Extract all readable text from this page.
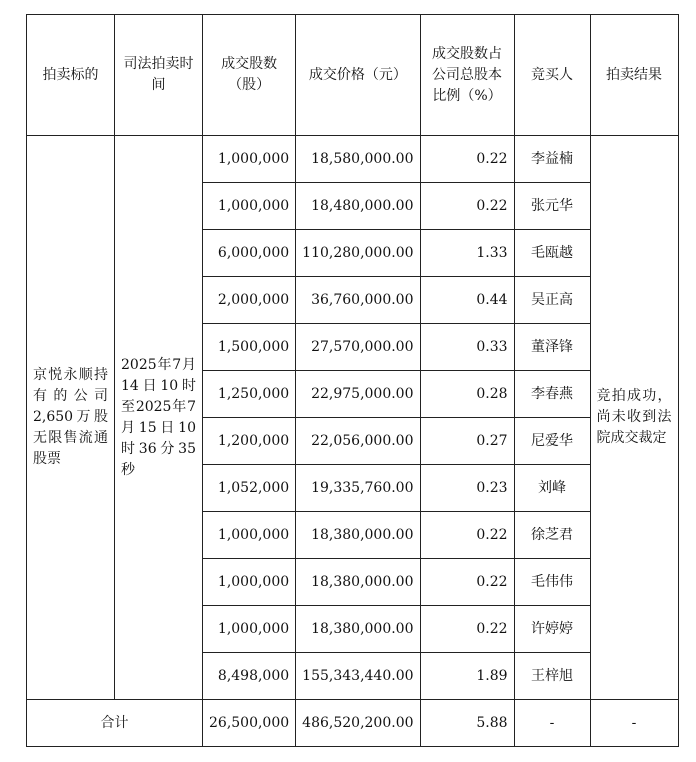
拍卖标的	司法拍卖时间	成交股数（股）	成交价格（元）	成交股数占公司总股本比例（%）	竞买人	拍卖结果
京悦永顺持有的公司2,650万股无限售流通股票	2025年7月14日10时至2025年7月15日10时36分35秒	1,000,000	18,580,000.00	0.22	李益楠	竞拍成功，尚未收到法院成交裁定
		1,000,000	18,480,000.00	0.22	张元华	
		6,000,000	110,280,000.00	1.33	毛瓯越	
		2,000,000	36,760,000.00	0.44	吴正高	
		1,500,000	27,570,000.00	0.33	董泽锋	
		1,250,000	22,975,000.00	0.28	李春燕	
		1,200,000	22,056,000.00	0.27	尼爱华	
		1,052,000	19,335,760.00	0.23	刘峰	
		1,000,000	18,380,000.00	0.22	徐芝君	
		1,000,000	18,380,000.00	0.22	毛伟伟	
		1,000,000	18,380,000.00	0.22	许婷婷	
		8,498,000	155,343,440.00	1.89	王梓旭	
合计		26,500,000	486,520,200.00	5.88	-	-
